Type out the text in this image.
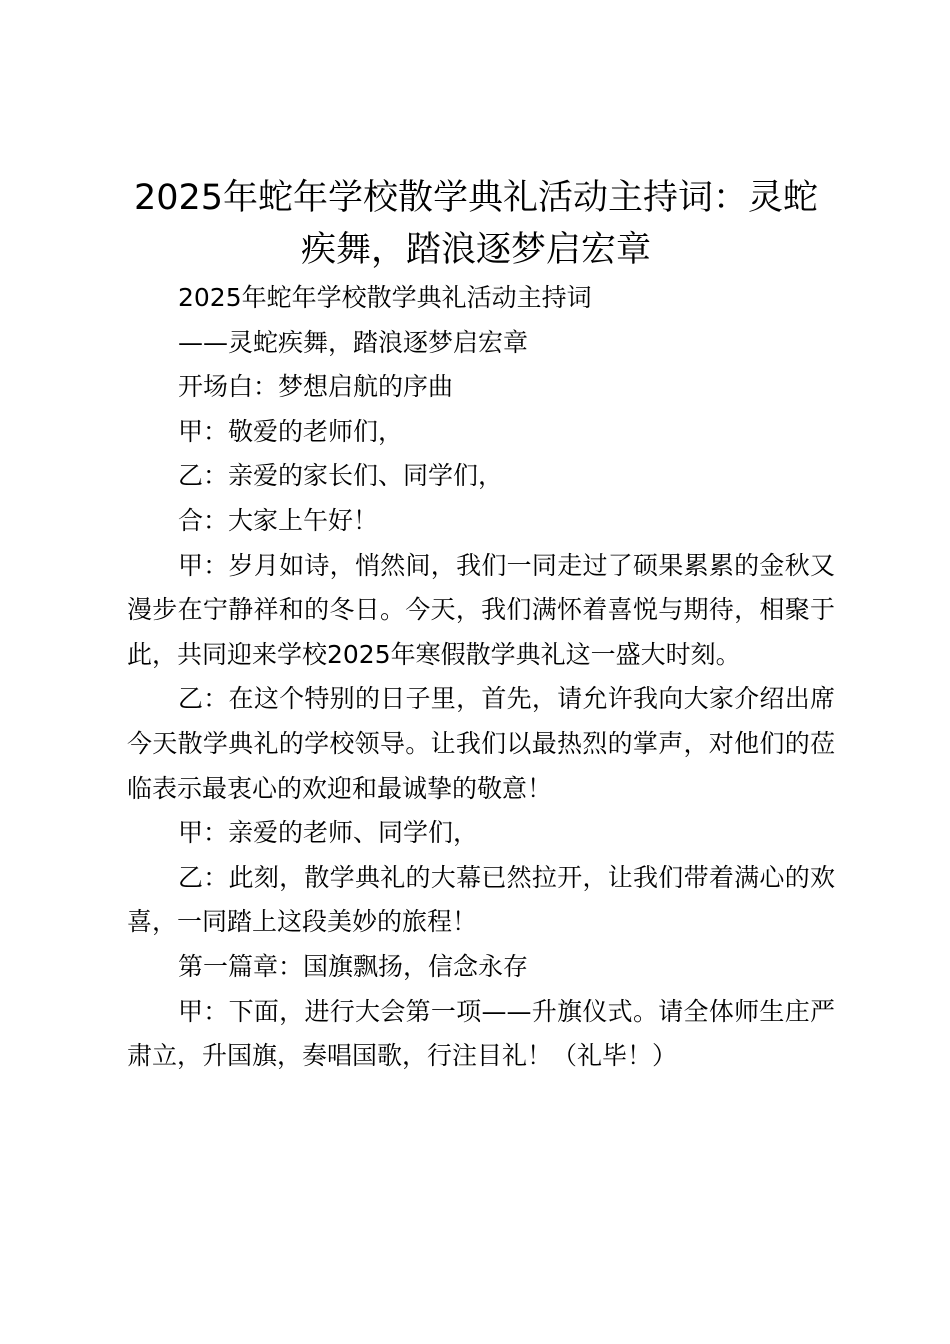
2025年蛇年学校散学典礼活动主持词：灵蛇疾舞，踏浪逐梦启宏章

2025年蛇年学校散学典礼活动主持词

——灵蛇疾舞，踏浪逐梦启宏章

开场白：梦想启航的序曲

甲：敬爱的老师们，

乙：亲爱的家长们、同学们，

合：大家上午好！

甲：岁月如诗，悄然间，我们一同走过了硕果累累的金秋又漫步在宁静祥和的冬日。今天，我们满怀着喜悦与期待，相聚于此，共同迎来学校2025年寒假散学典礼这一盛大时刻。

乙：在这个特别的日子里，首先，请允许我向大家介绍出席今天散学典礼的学校领导。让我们以最热烈的掌声，对他们的莅临表示最衷心的欢迎和最诚挚的敬意！

甲：亲爱的老师、同学们，

乙：此刻，散学典礼的大幕已然拉开，让我们带着满心的欢喜，一同踏上这段美妙的旅程！

第一篇章：国旗飘扬，信念永存

甲：下面，进行大会第一项——升旗仪式。请全体师生庄严肃立，升国旗，奏唱国歌，行注目礼！（礼毕！）
